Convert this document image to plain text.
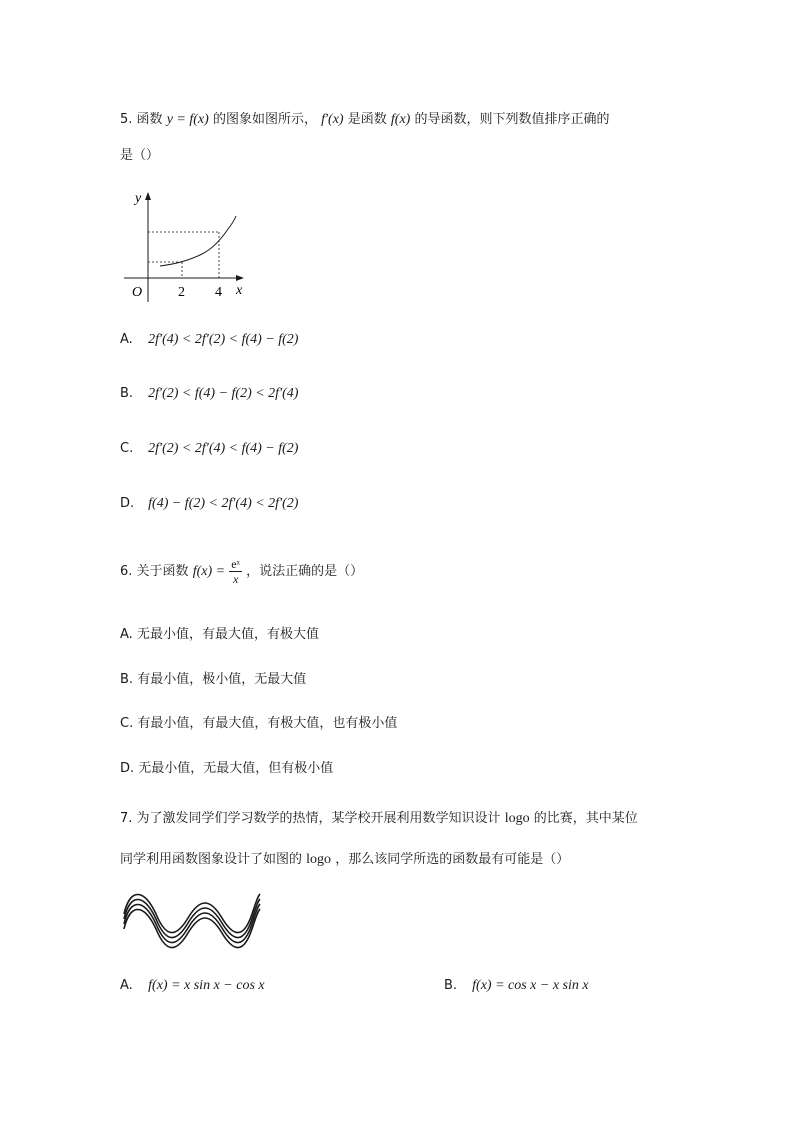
5. 函数 y = f(x) 的图象如图所示， f′(x) 是函数 f(x) 的导函数，则下列数值排序正确的
是（）
y
x
O	2 4
A. 2f′(4) < 2f′(2) < f(4) − f(2)
B. 2f′(2) < f(4) − f(2) < 2f′(4)
C. 2f′(2) < 2f′(4) < f(4) − f(2)
D. f(4) − f(2) < 2f′(4) < 2f′(2)
6. 关于函数 $f(x) = \frac{\text{eˣ}}{x}$ ，说法正确的是（）
A. 无最小值，有最大值，有极大值
B. 有最小值，极小值，无最大值
C. 有最小值，有最大值，有极大值，也有极小值
D. 无最小值，无最大值，但有极小值
7. 为了激发同学们学习数学的热情，某学校开展利用数学知识设计 logo 的比赛，其中某位
同学利用函数图象设计了如图的 logo ，那么该同学所选的函数最有可能是（）
A. f(x) = x sin x − cos x	B. f(x) = cos x − x sin x
